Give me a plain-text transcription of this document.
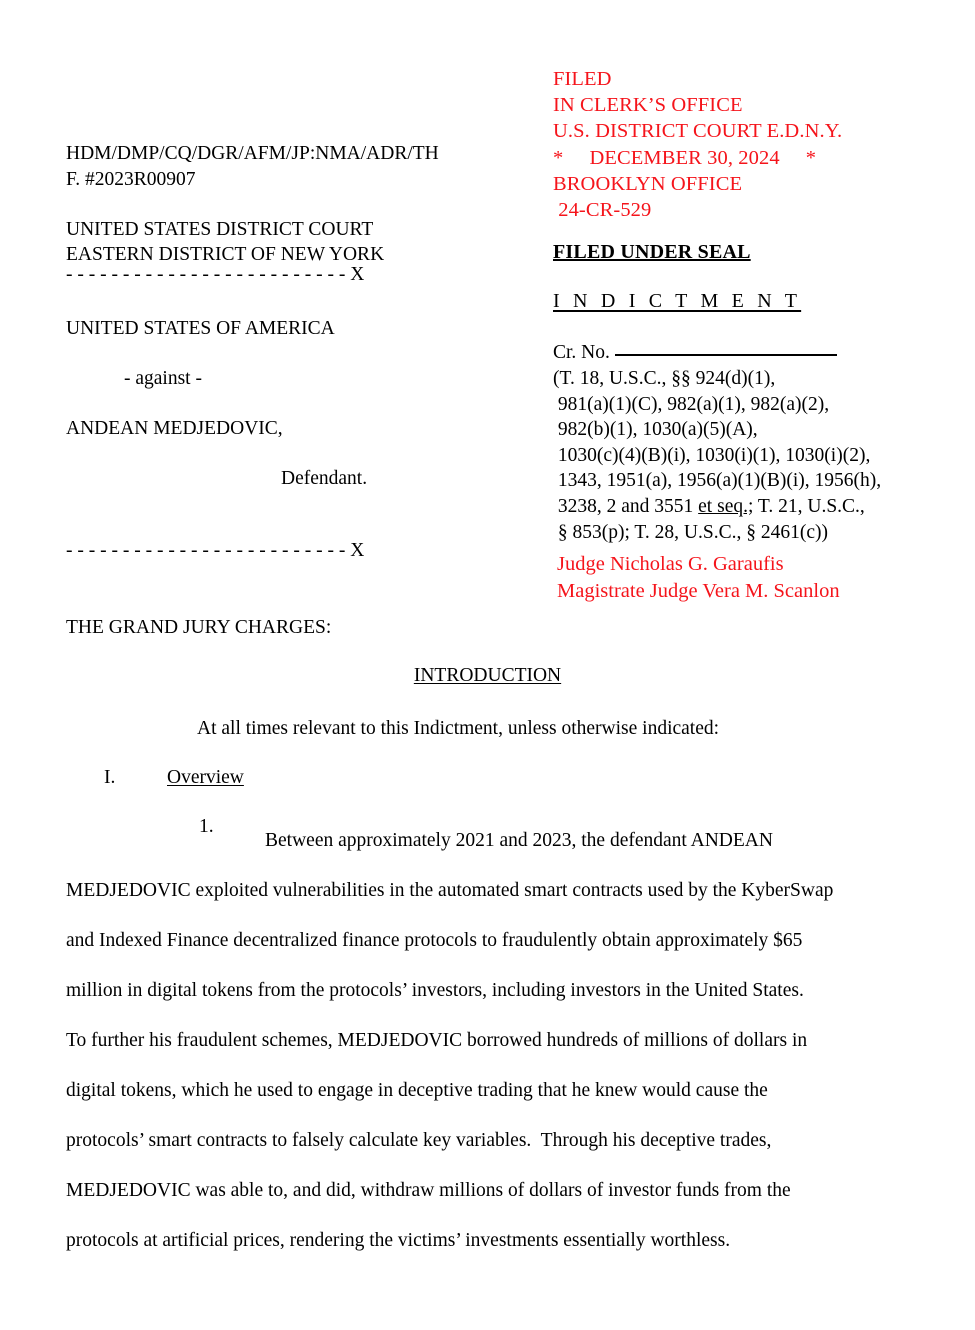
HDM/DMP/CQ/DGR/AFM/JP:NMA/ADR/TH
F. #2023R00907
UNITED STATES DISTRICT COURT
EASTERN DISTRICT OF NEW YORK
- - - - - - - - - - - - - - - - - - - - - - - - - X
UNITED STATES OF AMERICA
- against -
ANDEAN MEDJEDOVIC,
Defendant.
- - - - - - - - - - - - - - - - - - - - - - - - - X
FILED
IN CLERK’S OFFICE
U.S. DISTRICT COURT E.D.N.Y.
*     DECEMBER 30, 2024     *
BROOKLYN OFFICE
24-CR-529
FILED UNDER SEAL
I N D I C T M E N T
Cr. No.
(T. 18, U.S.C., §§ 924(d)(1),
981(a)(1)(C), 982(a)(1), 982(a)(2),
982(b)(1), 1030(a)(5)(A),
1030(c)(4)(B)(i), 1030(i)(1), 1030(i)(2),
1343, 1951(a), 1956(a)(1)(B)(i), 1956(h),
3238, 2 and 3551 et seq.; T. 21, U.S.C.,
§ 853(p); T. 28, U.S.C., § 2461(c))
Judge Nicholas G. Garaufis
Magistrate Judge Vera M. Scanlon
THE GRAND JURY CHARGES:
INTRODUCTION
At all times relevant to this Indictment, unless otherwise indicated:
I.	Overview
1.
Between approximately 2021 and 2023, the defendant ANDEAN
MEDJEDOVIC exploited vulnerabilities in the automated smart contracts used by the KyberSwap
and Indexed Finance decentralized finance protocols to fraudulently obtain approximately $65
million in digital tokens from the protocols’ investors, including investors in the United States.
To further his fraudulent schemes, MEDJEDOVIC borrowed hundreds of millions of dollars in
digital tokens, which he used to engage in deceptive trading that he knew would cause the
protocols’ smart contracts to falsely calculate key variables.  Through his deceptive trades,
MEDJEDOVIC was able to, and did, withdraw millions of dollars of investor funds from the
protocols at artificial prices, rendering the victims’ investments essentially worthless.
